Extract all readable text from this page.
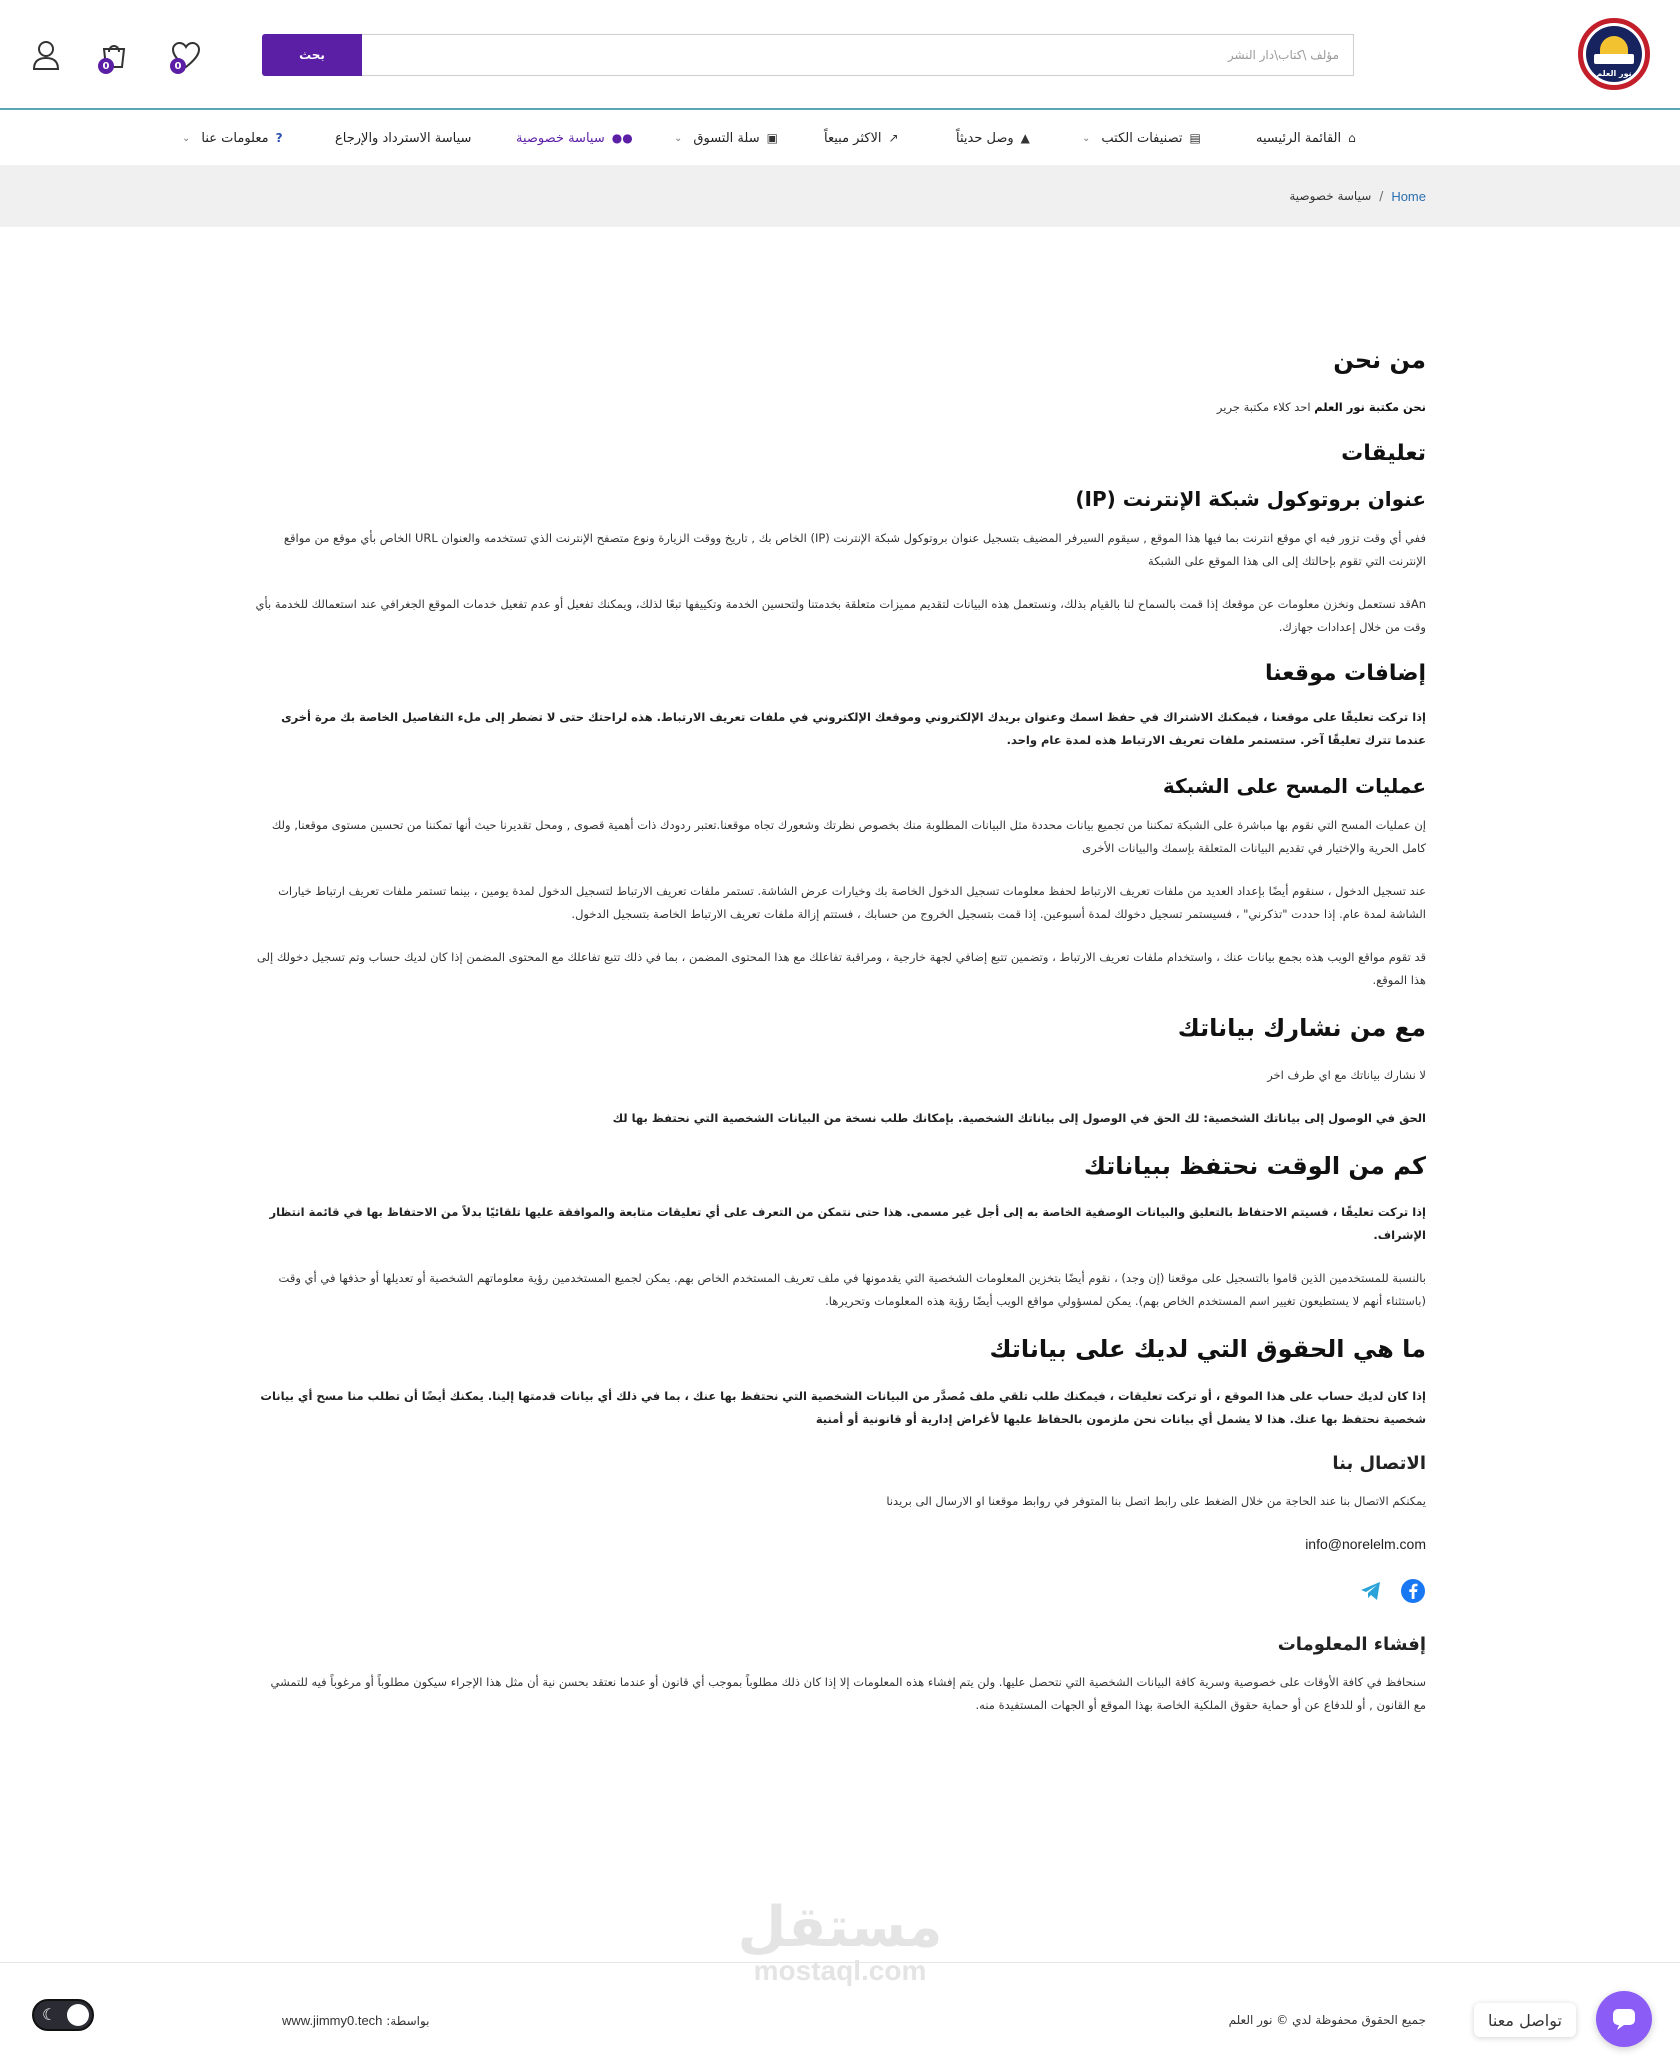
نور العلم
مؤلف \كتاب\دار النشر
بحث
0
0
⌂
القائمة الرئيسيه
▤
تصنيفات الكتب
⌄
▲
وصل حديثاً
↗
الاكثر مبيعاً
▣
سلة التسوق
⌄
●●
سياسة خصوصية
سياسة الاسترداد والإرجاع
?
معلومات عنا
⌄
Home
/
سياسة خصوصية
من نحن

نحن مكتبة نور العلم احد كلاء مكتبة جرير

تعليقات
عنوان بروتوكول شبكة الإنترنت (IP)

ففي أي وقت تزور فيه اي موقع انترنت بما فيها هذا الموقع , سيقوم السيرفر المضيف بتسجيل عنوان بروتوكول شبكة الإنترنت (IP) الخاص بك , تاريخ ووقت الزيارة ونوع متصفح الإنترنت الذي تستخدمه والعنوان URL الخاص بأي موقع من مواقع الإنترنت التي تقوم بإحالتك إلى الى هذا الموقع على الشبكة

Anقد نستعمل ونخزن معلومات عن موقعك إذا قمت بالسماح لنا بالقيام بذلك، ونستعمل هذه البيانات لتقديم مميزات متعلقة بخدمتنا ولتحسين الخدمة وتكييفها تبعًا لذلك، ويمكنك تفعيل أو عدم تفعيل خدمات الموقع الجغرافي عند استعمالك للخدمة بأي وقت من خلال إعدادات جهازك.

إضافات موقعنا

إذا تركت تعليقًا على موقعنا ، فيمكنك الاشتراك في حفظ اسمك وعنوان بريدك الإلكتروني وموقعك الإلكتروني في ملفات تعريف الارتباط. هذه لراحتك حتى لا تضطر إلى ملء التفاصيل الخاصة بك مرة أخرى عندما تترك تعليقًا آخر. ستستمر ملفات تعريف الارتباط هذه لمدة عام واحد.

عمليات المسح على الشبكة

إن عمليات المسح التي نقوم بها مباشرة على الشبكة تمكننا من تجميع بيانات محددة مثل البيانات المطلوبة منك بخصوص نظرتك وشعورك تجاه موقعنا.تعتبر ردودك ذات أهمية قصوى , ومحل تقديرنا حيث أنها تمكننا من تحسين مستوى موقعنا, ولك كامل الحرية والإختيار في تقديم البيانات المتعلقة بإسمك والبيانات الأخرى

عند تسجيل الدخول ، سنقوم أيضًا بإعداد العديد من ملفات تعريف الارتباط لحفظ معلومات تسجيل الدخول الخاصة بك وخيارات عرض الشاشة. تستمر ملفات تعريف الارتباط لتسجيل الدخول لمدة يومين ، بينما تستمر ملفات تعريف ارتباط خيارات الشاشة لمدة عام. إذا حددت "تذكرني" ، فسيستمر تسجيل دخولك لمدة أسبوعين. إذا قمت بتسجيل الخروج من حسابك ، فستتم إزالة ملفات تعريف الارتباط الخاصة بتسجيل الدخول.

قد تقوم مواقع الويب هذه بجمع بيانات عنك ، واستخدام ملفات تعريف الارتباط ، وتضمين تتبع إضافي لجهة خارجية ، ومراقبة تفاعلك مع هذا المحتوى المضمن ، بما في ذلك تتبع تفاعلك مع المحتوى المضمن إذا كان لديك حساب وتم تسجيل دخولك إلى هذا الموقع.

مع من نشارك بياناتك

لا نشارك بياناتك مع اي طرف اخر

الحق في الوصول إلى بياناتك الشخصية: لك الحق في الوصول إلى بياناتك الشخصية. بإمكانك طلب نسخة من البيانات الشخصية التي نحتفظ بها لك

كم من الوقت نحتفظ ببياناتك

إذا تركت تعليقًا ، فسيتم الاحتفاظ بالتعليق والبيانات الوصفية الخاصة به إلى أجل غير مسمى. هذا حتى نتمكن من التعرف على أي تعليقات متابعة والموافقة عليها تلقائيًا بدلاً من الاحتفاظ بها في قائمة انتظار الإشراف.

بالنسبة للمستخدمين الذين قاموا بالتسجيل على موقعنا (إن وجد) ، نقوم أيضًا بتخزين المعلومات الشخصية التي يقدمونها في ملف تعريف المستخدم الخاص بهم. يمكن لجميع المستخدمين رؤية معلوماتهم الشخصية أو تعديلها أو حذفها في أي وقت (باستثناء أنهم لا يستطيعون تغيير اسم المستخدم الخاص بهم). يمكن لمسؤولي مواقع الويب أيضًا رؤية هذه المعلومات وتحريرها.

ما هي الحقوق التي لديك على بياناتك

إذا كان لديك حساب على هذا الموقع ، أو تركت تعليقات ، فيمكنك طلب تلقي ملف مُصدَّر من البيانات الشخصية التي نحتفظ بها عنك ، بما في ذلك أي بيانات قدمتها إلينا. يمكنك أيضًا أن تطلب منا مسح أي بيانات شخصية نحتفظ بها عنك. هذا لا يشمل أي بيانات نحن ملزمون بالحفاظ عليها لأغراض إدارية أو قانونية أو أمنية

الاتصال بنا

يمكنكم الاتصال بنا عند الحاجة من خلال الضغط على رابط اتصل بنا المتوفر في روابط موقعنا او الارسال الى بريدنا

info@norelelm.com

إفشاء المعلومات

سنحافظ في كافة الأوقات على خصوصية وسرية كافة البيانات الشخصية التي نتحصل عليها. ولن يتم إفشاء هذه المعلومات إلا إذا كان ذلك مطلوباً بموجب أي قانون أو عندما نعتقد بحسن نية أن مثل هذا الإجراء سيكون مطلوباً أو مرغوباً فيه للتمشي مع القانون , أو للدفاع عن أو حماية حقوق الملكية الخاصة بهذا الموقع أو الجهات المستفيدة منه.

مستقل
mostaql.com
جميع الحقوق محفوظة لدي © نور العلم
بواسطة: www.jimmy0.tech
☾	تواصل معنا
